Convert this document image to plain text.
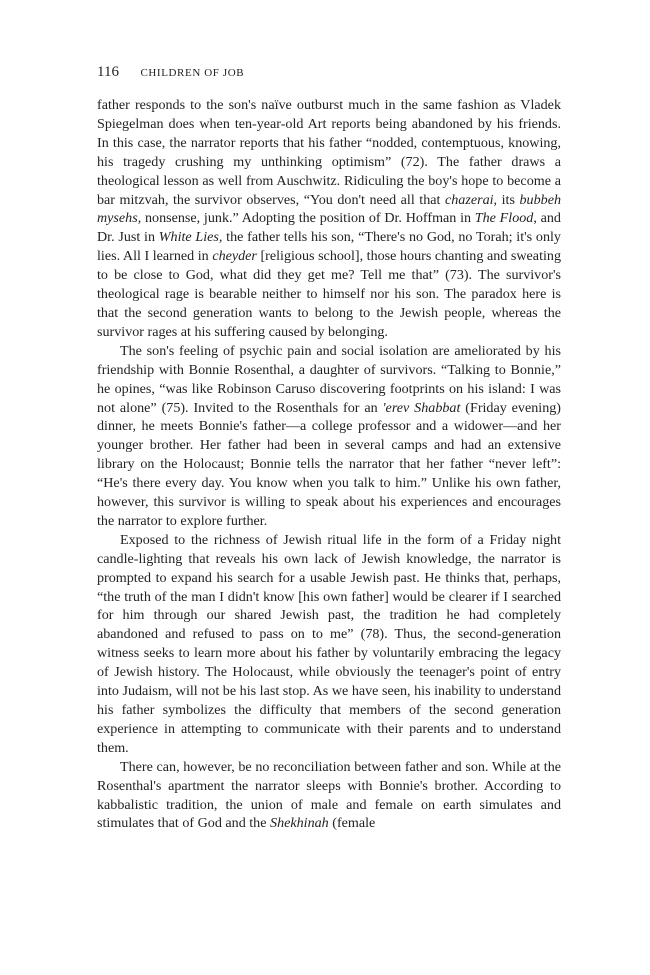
116 CHILDREN OF JOB

father responds to the son's naïve outburst much in the same fashion as Vladek Spiegelman does when ten-year-old Art reports being abandoned by his friends. In this case, the narrator reports that his father “nodded, contemptuous, knowing, his tragedy crushing my unthinking optimism” (72). The father draws a theological lesson as well from Auschwitz. Ridiculing the boy's hope to become a bar mitzvah, the survivor observes, “You don't need all that chazerai, its bubbeh mysehs, nonsense, junk.” Adopting the position of Dr. Hoffman in The Flood, and Dr. Just in White Lies, the father tells his son, “There's no God, no Torah; it's only lies. All I learned in cheyder [religious school], those hours chanting and sweating to be close to God, what did they get me? Tell me that” (73). The survivor's theological rage is bearable neither to himself nor his son. The paradox here is that the second generation wants to belong to the Jewish people, whereas the survivor rages at his suffering caused by belonging.

The son's feeling of psychic pain and social isolation are ameliorated by his friendship with Bonnie Rosenthal, a daughter of survivors. “Talking to Bonnie,” he opines, “was like Robinson Caruso discovering footprints on his island: I was not alone” (75). Invited to the Rosenthals for an 'erev Shabbat (Friday evening) dinner, he meets Bonnie's father—a college professor and a widower—and her younger brother. Her father had been in several camps and had an extensive library on the Holocaust; Bonnie tells the narrator that her father “never left”: “He's there every day. You know when you talk to him.” Unlike his own father, however, this survivor is willing to speak about his experiences and encourages the narrator to explore further.

Exposed to the richness of Jewish ritual life in the form of a Friday night candle-lighting that reveals his own lack of Jewish knowledge, the narrator is prompted to expand his search for a usable Jewish past. He thinks that, perhaps, “the truth of the man I didn't know [his own father] would be clearer if I searched for him through our shared Jewish past, the tradition he had completely abandoned and refused to pass on to me” (78). Thus, the second-generation witness seeks to learn more about his father by voluntarily embracing the legacy of Jewish history. The Holocaust, while obviously the teenager's point of entry into Judaism, will not be his last stop. As we have seen, his inability to understand his father symbolizes the difficulty that members of the second generation experience in attempting to communicate with their parents and to understand them.

There can, however, be no reconciliation between father and son. While at the Rosenthal's apartment the narrator sleeps with Bonnie's brother. According to kabbalistic tradition, the union of male and female on earth simulates and stimulates that of God and the Shekhinah (female
